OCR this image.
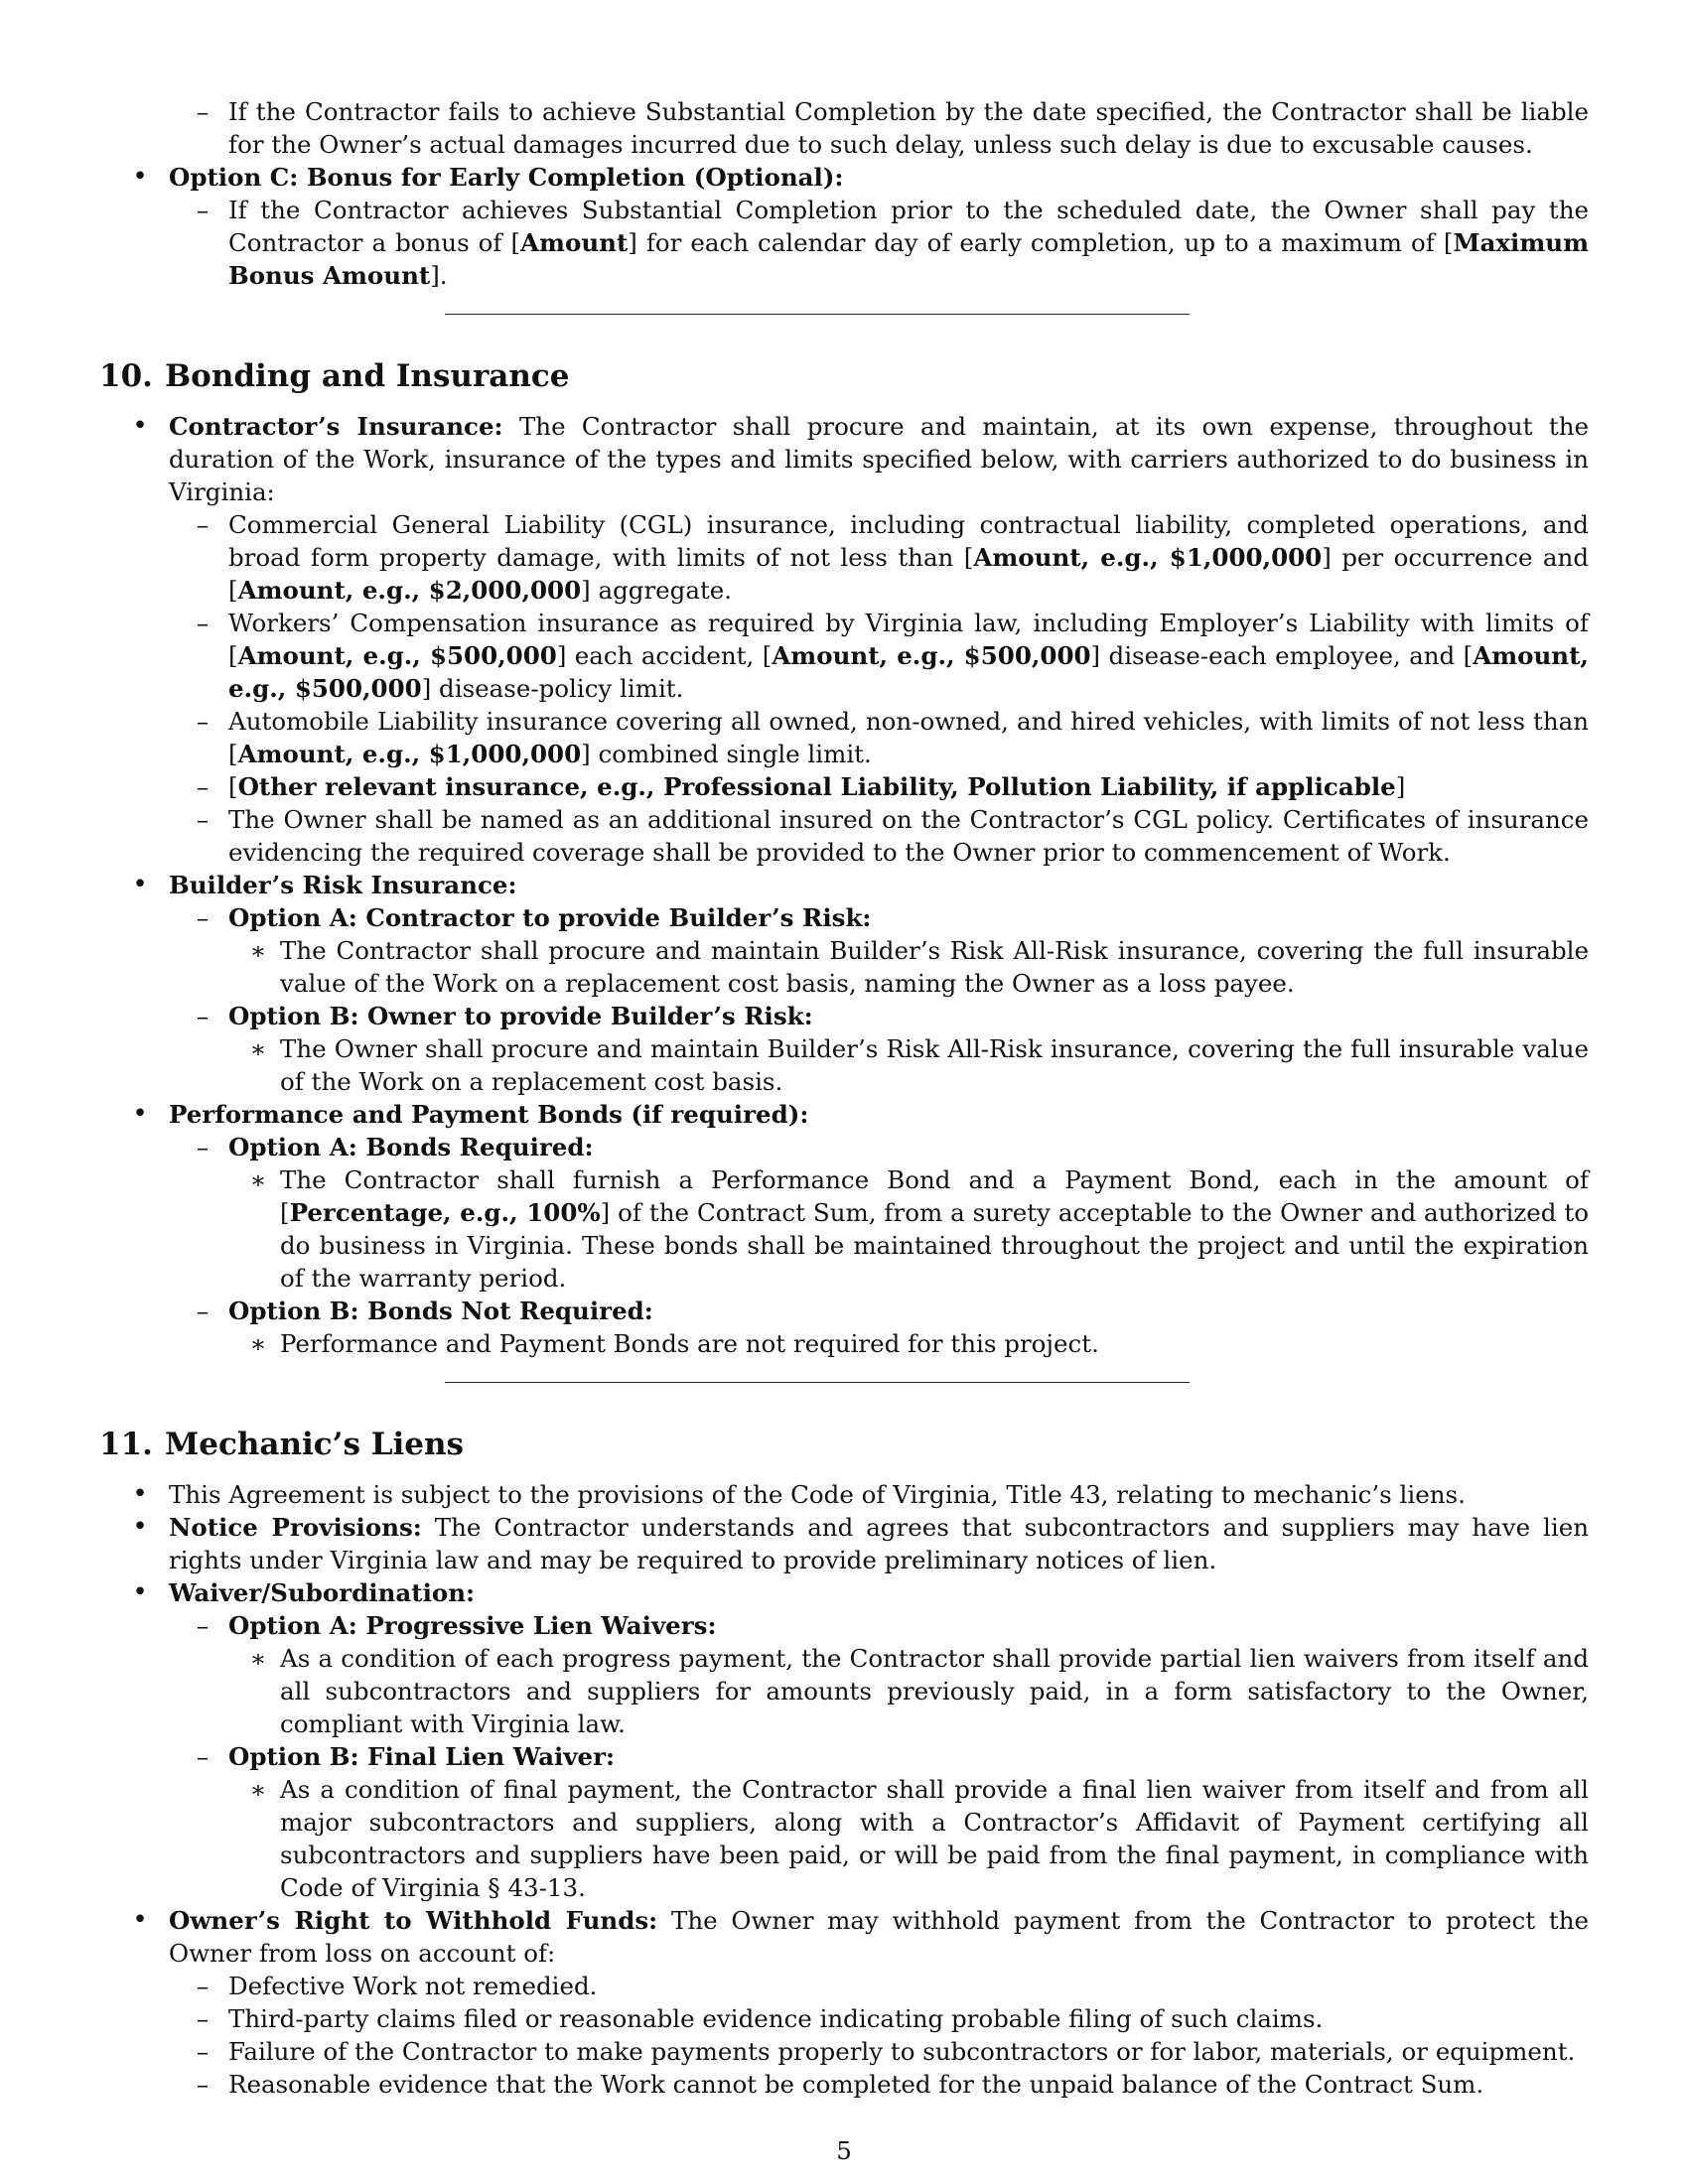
– If the Contractor fails to achieve Substantial Completion by the date specified, the Contractor shall be liable for the Owner’s actual damages incurred due to such delay, unless such delay is due to excusable causes.

• Option C: Bonus for Early Completion (Optional):

– If the Contractor achieves Substantial Completion prior to the scheduled date, the Owner shall pay the Contractor a bonus of [Amount] for each calendar day of early completion, up to a maximum of [Maximum Bonus Amount].

10. Bonding and Insurance

• Contractor’s Insurance: The Contractor shall procure and maintain, at its own expense, throughout the duration of the Work, insurance of the types and limits specified below, with carriers authorized to do business in Virginia:

– Commercial General Liability (CGL) insurance, including contractual liability, completed operations, and broad form property damage, with limits of not less than [Amount, e.g., $1,000,000] per occurrence and [Amount, e.g., $2,000,000] aggregate.

– Workers’ Compensation insurance as required by Virginia law, including Employer’s Liability with limits of [Amount, e.g., $500,000] each accident, [Amount, e.g., $500,000] disease-each employee, and [Amount, e.g., $500,000] disease-policy limit.

– Automobile Liability insurance covering all owned, non-owned, and hired vehicles, with limits of not less than [Amount, e.g., $1,000,000] combined single limit.

– [Other relevant insurance, e.g., Professional Liability, Pollution Liability, if applicable]

– The Owner shall be named as an additional insured on the Contractor’s CGL policy. Certificates of insurance evidencing the required coverage shall be provided to the Owner prior to commencement of Work.

• Builder’s Risk Insurance:

– Option A: Contractor to provide Builder’s Risk:

∗ The Contractor shall procure and maintain Builder’s Risk All-Risk insurance, covering the full insurable value of the Work on a replacement cost basis, naming the Owner as a loss payee.

– Option B: Owner to provide Builder’s Risk:

∗ The Owner shall procure and maintain Builder’s Risk All-Risk insurance, covering the full insurable value of the Work on a replacement cost basis.

• Performance and Payment Bonds (if required):

– Option A: Bonds Required:

∗ The Contractor shall furnish a Performance Bond and a Payment Bond, each in the amount of [Percentage, e.g., 100%] of the Contract Sum, from a surety acceptable to the Owner and authorized to do business in Virginia. These bonds shall be maintained throughout the project and until the expiration of the warranty period.

– Option B: Bonds Not Required:

∗ Performance and Payment Bonds are not required for this project.

11. Mechanic’s Liens

• This Agreement is subject to the provisions of the Code of Virginia, Title 43, relating to mechanic’s liens.

• Notice Provisions: The Contractor understands and agrees that subcontractors and suppliers may have lien rights under Virginia law and may be required to provide preliminary notices of lien.

• Waiver/Subordination:

– Option A: Progressive Lien Waivers:

∗ As a condition of each progress payment, the Contractor shall provide partial lien waivers from itself and all subcontractors and suppliers for amounts previously paid, in a form satisfactory to the Owner, compliant with Virginia law.

– Option B: Final Lien Waiver:

∗ As a condition of final payment, the Contractor shall provide a final lien waiver from itself and from all major subcontractors and suppliers, along with a Contractor’s Affidavit of Payment certifying all subcontractors and suppliers have been paid, or will be paid from the final payment, in compliance with Code of Virginia § 43-13.

• Owner’s Right to Withhold Funds: The Owner may withhold payment from the Contractor to protect the Owner from loss on account of:

– Defective Work not remedied.

– Third-party claims filed or reasonable evidence indicating probable filing of such claims.

– Failure of the Contractor to make payments properly to subcontractors or for labor, materials, or equipment.

– Reasonable evidence that the Work cannot be completed for the unpaid balance of the Contract Sum.

5
